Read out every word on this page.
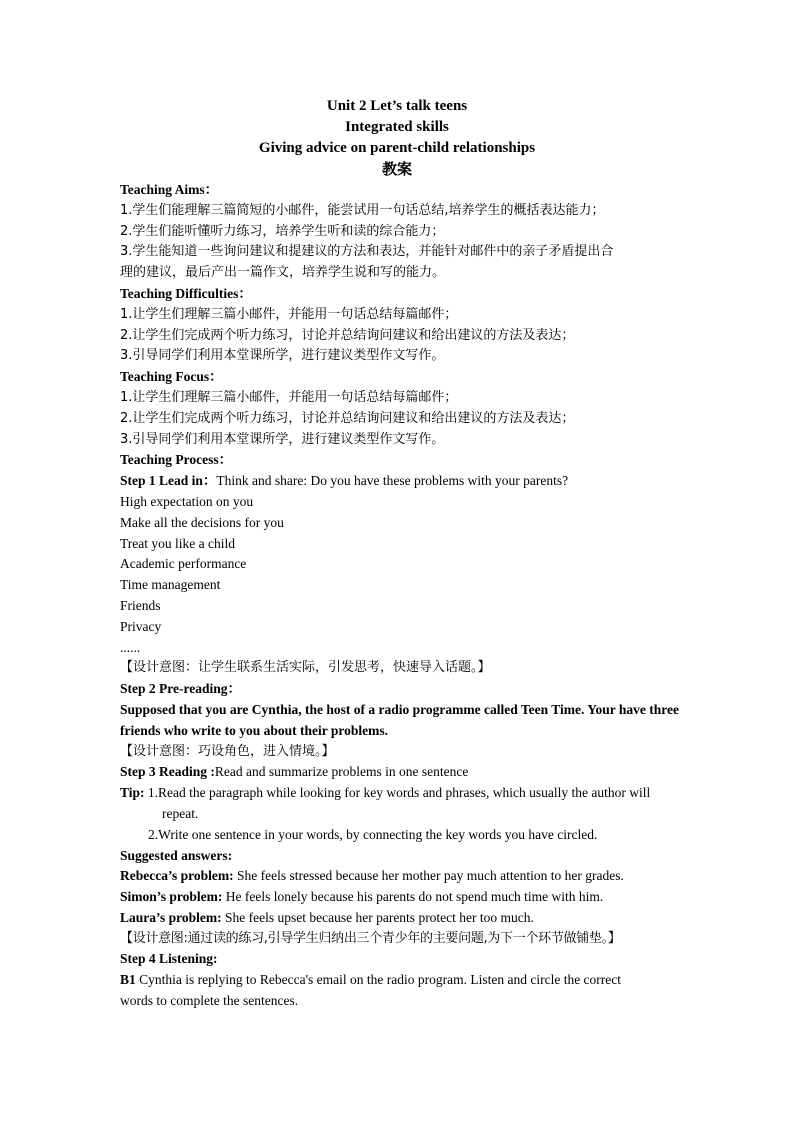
Unit 2 Let’s talk teens
Integrated skills
Giving advice on parent-child relationships
教案
Teaching Aims：
1.学生们能理解三篇简短的小邮件，能尝试用一句话总结,培养学生的概括表达能力；
2.学生们能听懂听力练习，培养学生听和读的综合能力；
3.学生能知道一些询问建议和提建议的方法和表达，并能针对邮件中的亲子矛盾提出合
理的建议，最后产出一篇作文，培养学生说和写的能力。
Teaching Difficulties：
1.让学生们理解三篇小邮件，并能用一句话总结每篇邮件；
2.让学生们完成两个听力练习，讨论并总结询问建议和给出建议的方法及表达；
3.引导同学们利用本堂课所学，进行建议类型作文写作。
Teaching Focus：
1.让学生们理解三篇小邮件，并能用一句话总结每篇邮件；
2.让学生们完成两个听力练习，讨论并总结询问建议和给出建议的方法及表达；
3.引导同学们利用本堂课所学，进行建议类型作文写作。
Teaching Process：
Step 1 Lead in：Think and share: Do you have these problems with your parents?
High expectation on you
Make all the decisions for you
Treat you like a child
Academic performance
Time management
Friends
Privacy
......
【设计意图：让学生联系生活实际，引发思考，快速导入话题。】
Step 2 Pre-reading：
Supposed that you are Cynthia, the host of a radio programme called Teen Time. Your have three friends who write to you about their problems.
【设计意图：巧设角色，进入情境。】
Step 3 Reading :Read and summarize problems in one sentence
Tip: 1.Read the paragraph while looking for key words and phrases, which usually the author will
repeat.
2.Write one sentence in your words, by connecting the key words you have circled.
Suggested answers:
Rebecca’s problem: She feels stressed because her mother pay much attention to her grades.
Simon’s problem: He feels lonely because his parents do not spend much time with him.
Laura’s problem: She feels upset because her parents protect her too much.
【设计意图:通过读的练习,引导学生归纳出三个青少年的主要问题,为下一个环节做铺垫。】
Step 4 Listening:
B1 Cynthia is replying to Rebecca's email on the radio program. Listen and circle the correct
words to complete the sentences.
